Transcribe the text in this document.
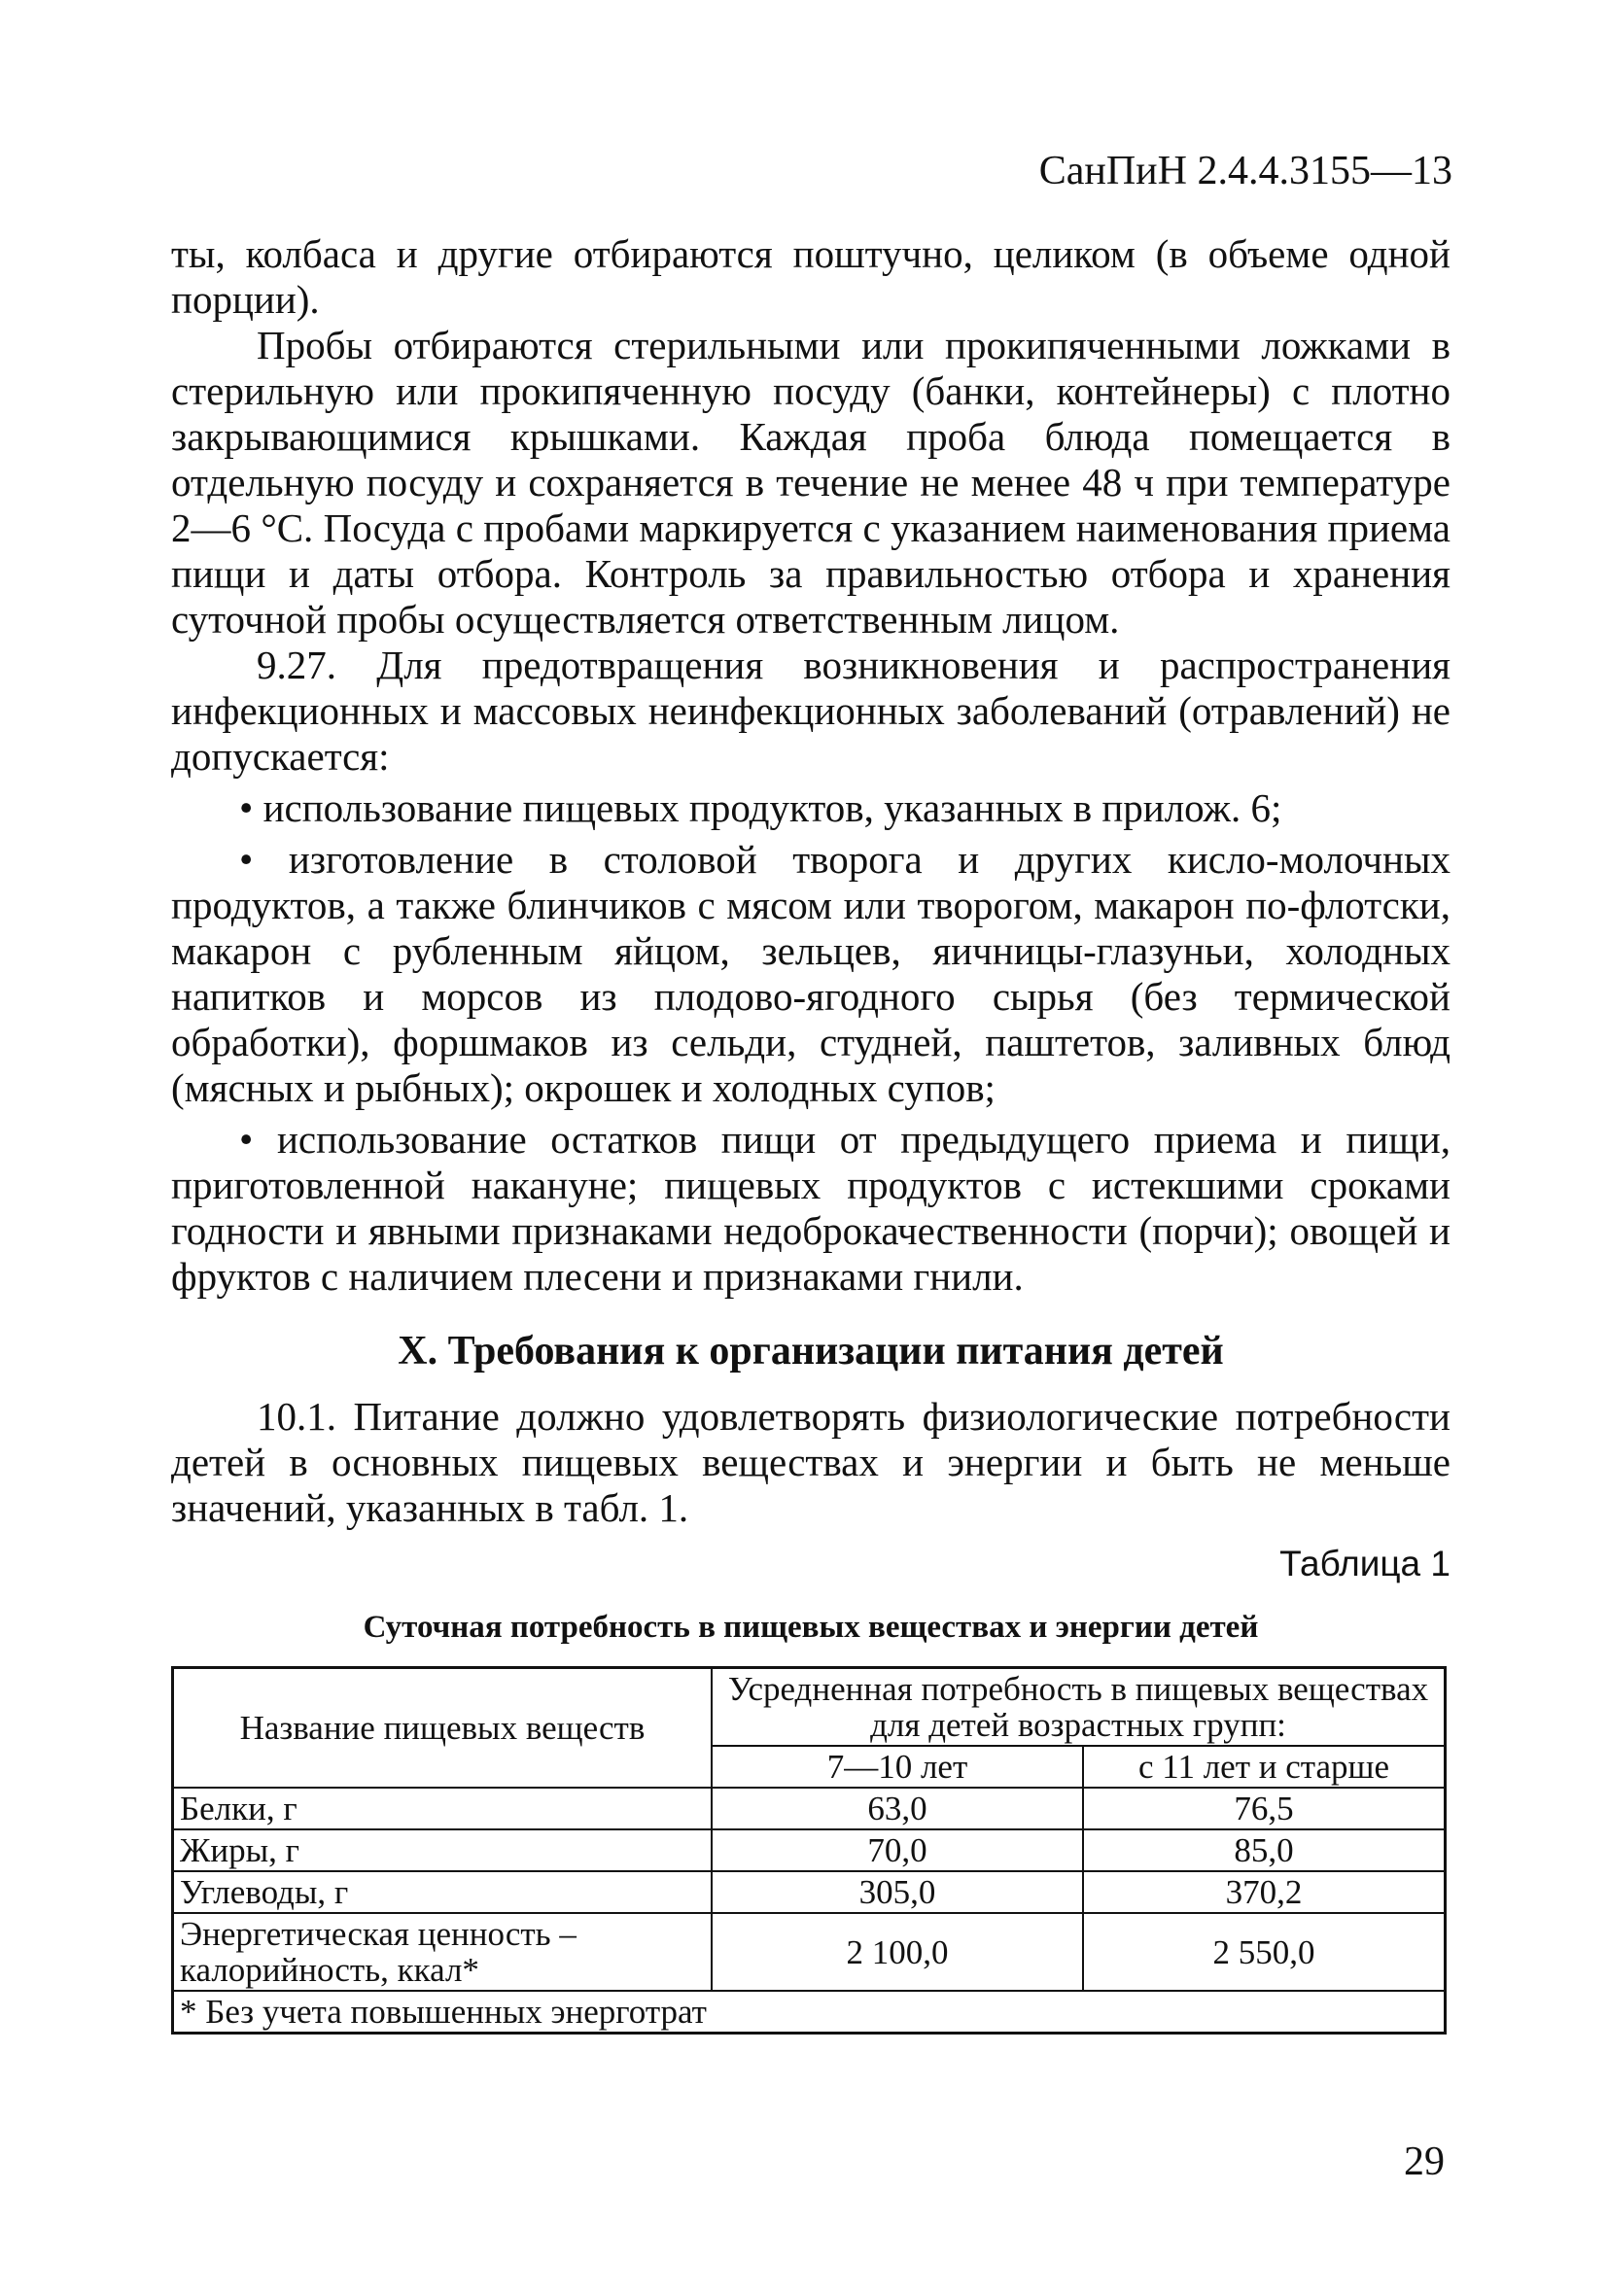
СанПиН 2.4.4.3155—13

ты, колбаса и другие отбираются поштучно, целиком (в объеме одной порции).

Пробы отбираются стерильными или прокипяченными ложками в стерильную или прокипяченную посуду (банки, контейнеры) с плотно закрывающимися крышками. Каждая проба блюда помещается в отдельную посуду и сохраняется в течение не менее 48 ч при температуре 2—6 °С. Посуда с пробами маркируется с указанием наименования приема пищи и даты отбора. Контроль за правильностью отбора и хранения суточной пробы осуществляется ответственным лицом.

9.27. Для предотвращения возникновения и распространения инфекционных и массовых неинфекционных заболеваний (отравлений) не допускается:

• использование пищевых продуктов, указанных в прилож. 6;

• изготовление в столовой творога и других кисло-молочных продуктов, а также блинчиков с мясом или творогом, макарон по-флотски, макарон с рубленным яйцом, зельцев, яичницы-глазуньи, холодных напитков и морсов из плодово-ягодного сырья (без термической обработки), форшмаков из сельди, студней, паштетов, заливных блюд (мясных и рыбных); окрошек и холодных супов;

• использование остатков пищи от предыдущего приема и пищи, приготовленной накануне; пищевых продуктов с истекшими сроками годности и явными признаками недоброкачественности (порчи); овощей и фруктов с наличием плесени и признаками гнили.

X. Требования к организации питания детей

10.1. Питание должно удовлетворять физиологические потребности детей в основных пищевых веществах и энергии и быть не меньше значений, указанных в табл. 1.

Таблица 1
Суточная потребность в пищевых веществах и энергии детей
Название пищевых веществ	Усредненная потребность в пищевых веществах для детей возрастных групп:	
	7—10 лет	с 11 лет и старше
Белки, г	63,0	76,5
Жиры, г	70,0	85,0
Углеводы, г	305,0	370,2
Энергетическая ценность – калорийность, ккал*	2 100,0	2 550,0
* Без учета повышенных энерготрат		
29
